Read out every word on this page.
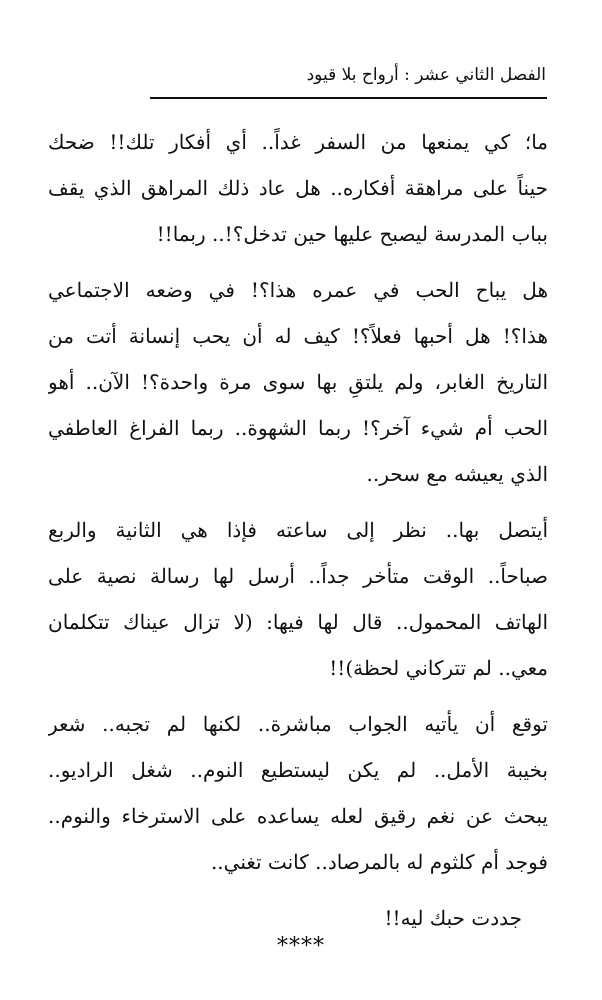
الفصل الثاني عشر : أرواح بلا قيود

ما؛ كي يمنعها من السفر غداً.. أي أفكار تلك!! ضحك
حيناً على مراهقة أفكاره.. هل عاد ذلك المراهق الذي يقف
بباب المدرسة ليصبح عليها حين تدخل؟!.. ربما!!

هل يباح الحب في عمره هذا؟! في وضعه الاجتماعي
هذا؟! هل أحبها فعلاً؟! كيف له أن يحب إنسانة أتت من
التاريخ الغابر، ولم يلتقِ بها سوى مرة واحدة؟! الآن.. أهو
الحب أم شيء آخر؟! ربما الشهوة.. ربما الفراغ العاطفي
الذي يعيشه مع سحر..

أيتصل بها.. نظر إلى ساعته فإذا هي الثانية والربع
صباحاً.. الوقت متأخر جداً.. أرسل لها رسالة نصية على
الهاتف المحمول.. قال لها فيها: (لا تزال عيناك تتكلمان
معي.. لم تتركاني لحظة)!!

توقع أن يأتيه الجواب مباشرة.. لكنها لم تجبه.. شعر
بخيبة الأمل.. لم يكن ليستطيع النوم.. شغل الراديو..
يبحث عن نغم رقيق لعله يساعده على الاسترخاء والنوم..
فوجد أم كلثوم له بالمرصاد.. كانت تغني..

جددت حبك ليه!!

****
